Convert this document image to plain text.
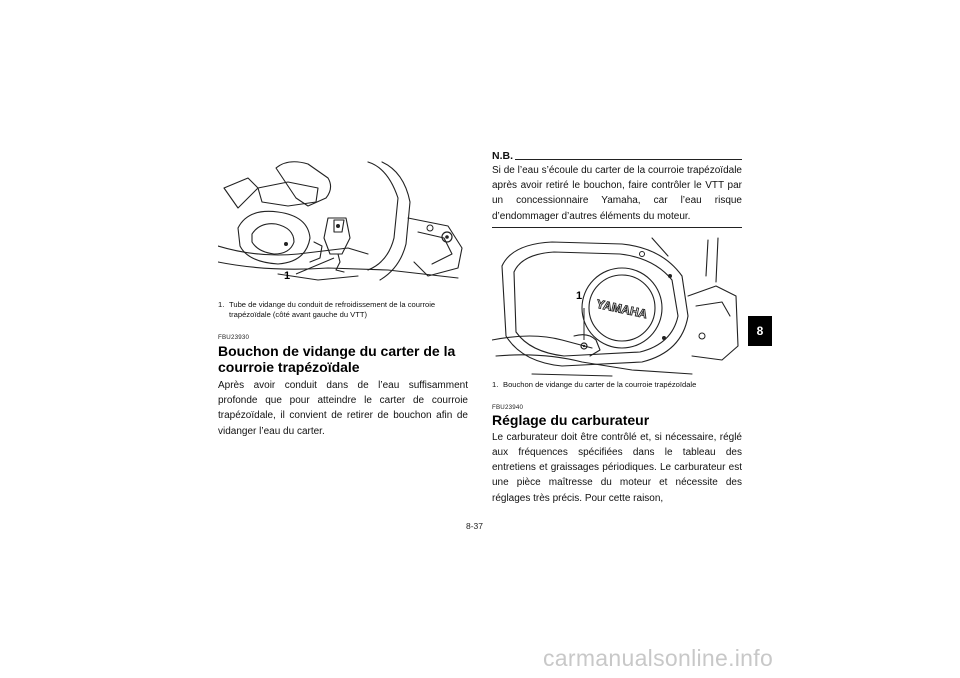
1
1. Tube de vidange du conduit de refroidissement de la courroie trapézoïdale (côté avant gauche du VTT)
FBU23930
Bouchon de vidange du carter de la courroie trapézoïdale

Après avoir conduit dans de l’eau suffisamment profonde que pour atteindre le carter de courroie trapézoïdale, il convient de retirer de bouchon afin de vidanger l’eau du carter.

N.B.

Si de l’eau s’écoule du carter de la courroie trapézoïdale après avoir retiré le bouchon, faire contrôler le VTT par un concessionnaire Yamaha, car l’eau risque d’endommager d’autres éléments du moteur.

YAMAHA
1
1. Bouchon de vidange du carter de la courroie trapézoïdale
FBU23940
Réglage du carburateur

Le carburateur doit être contrôlé et, si nécessaire, réglé aux fréquences spécifiées dans le tableau des entretiens et graissages périodiques. Le carburateur est une pièce maîtresse du moteur et nécessite des réglages très précis. Pour cette raison,

8-37
8
carmanualsonline.info
